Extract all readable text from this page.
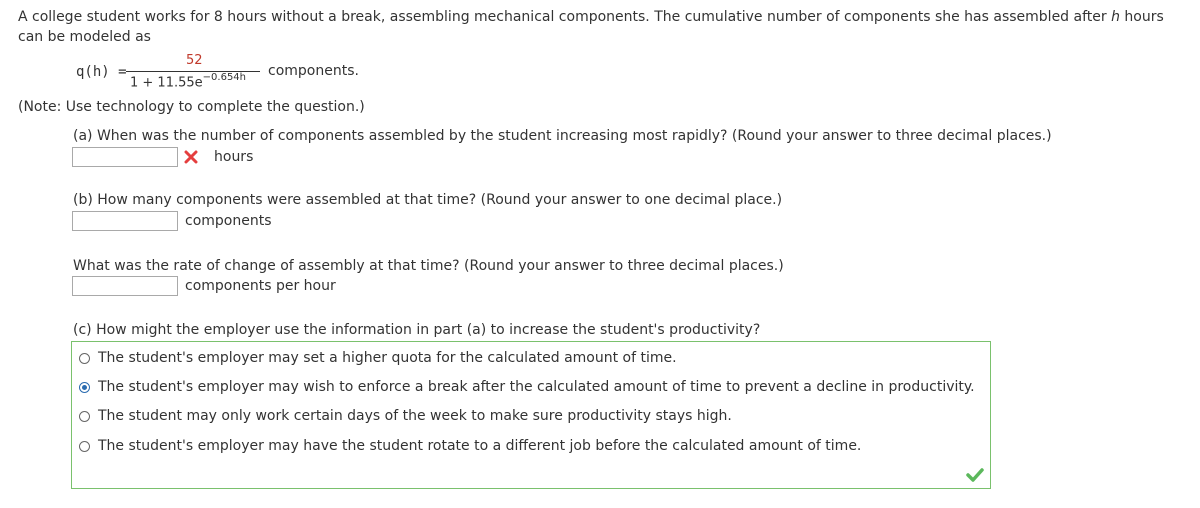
A college student works for 8 hours without a break, assembling mechanical components. The cumulative number of components she has assembled after h hours can be modeled as
q(h) =
52
$1 + 11.55e^{-0.654h}$ components.
(Note: Use technology to complete the question.)
(a) When was the number of components assembled by the student increasing most rapidly? (Round your answer to three decimal places.)
hours
(b) How many components were assembled at that time? (Round your answer to one decimal place.)
components
What was the rate of change of assembly at that time? (Round your answer to three decimal places.)
components per hour
(c) How might the employer use the information in part (a) to increase the student's productivity?
The student's employer may set a higher quota for the calculated amount of time.
The student's employer may wish to enforce a break after the calculated amount of time to prevent a decline in productivity.
The student may only work certain days of the week to make sure productivity stays high.
The student's employer may have the student rotate to a different job before the calculated amount of time.
